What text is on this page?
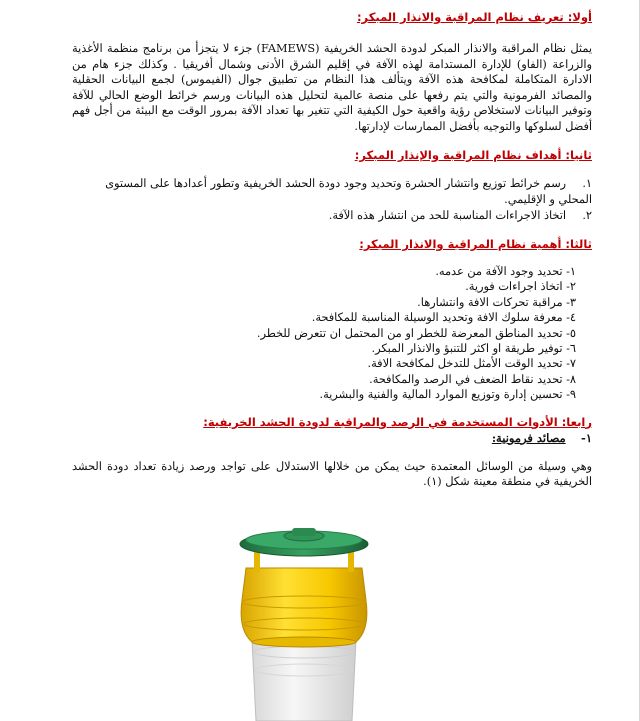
أولا: تعريف نظام المراقبة والانذار المبكر:

يمثل نظام المراقبة والانذار المبكر لدودة الحشد الخريفية (FAMEWS) جزء لا يتجزأ من برنامج منظمة الأغذية والزراعة (الفاو) للإدارة المستدامة لهذه الآفة في إقليم الشرق الأدنى وشمال أفريقيا . وكذلك جزء هام من الادارة المتكاملة لمكافحة هذه الآفة ويتألف هذا النظام من تطبيق جوال (الفيموس) لجمع البيانات الحقلية والمصائد الفرمونية والتي يتم رفعها على منصة عالمية لتحليل هذه البيانات ورسم خرائط الوضع الحالي للآفة وتوفير البيانات لاستخلاص رؤية واقعية حول الكيفية التي تتغير بها تعداد الآفة بمرور الوقت مع البيئة من أجل فهم أفضل لسلوكها والتوجيه بأفضل الممارسات لإدارتها.

ثانيا: أهداف نظام المراقبة والإنذار المبكر:

١.رسم خرائط توزيع وانتشار الحشرة وتحديد وجود دودة الحشد الخريفية وتطور أعدادها على المستوى المحلي و الإقليمي.
٢.اتخاذ الاجراءات المناسبة للحد من انتشار هذه الآفة.

ثالثا: أهمية نظام المراقبة والانذار المبكر:

١- تحديد وجود الآفة من عدمه.
٢- اتخاذ اجراءات فورية.
٣- مراقبة تحركات الافة وانتشارها.
٤- معرفة سلوك الافة وتحديد الوسيلة المناسبة للمكافحة.
٥- تحديد المناطق المعرضة للخطر او من المحتمل ان تتعرض للخطر.
٦- توفير طريقة او اكثر للتنبؤ والانذار المبكر.
٧- تحديد الوقت الأمثل للتدخل لمكافحة الافة.
٨- تحديد نقاط الضعف في الرصد والمكافحة.
٩- تحسين إدارة وتوزيع الموارد المالية والفنية والبشرية.

رابعا: الأدوات المستخدمة في الرصد والمراقبة لدودة الحشد الخريفية:

١-  مصائد فرمونية:

وهي وسيلة من الوسائل المعتمدة حيث يمكن من خلالها الاستدلال على تواجد ورصد زيادة تعداد دودة الحشد الخريفية في منطقة معينة شكل (١).
